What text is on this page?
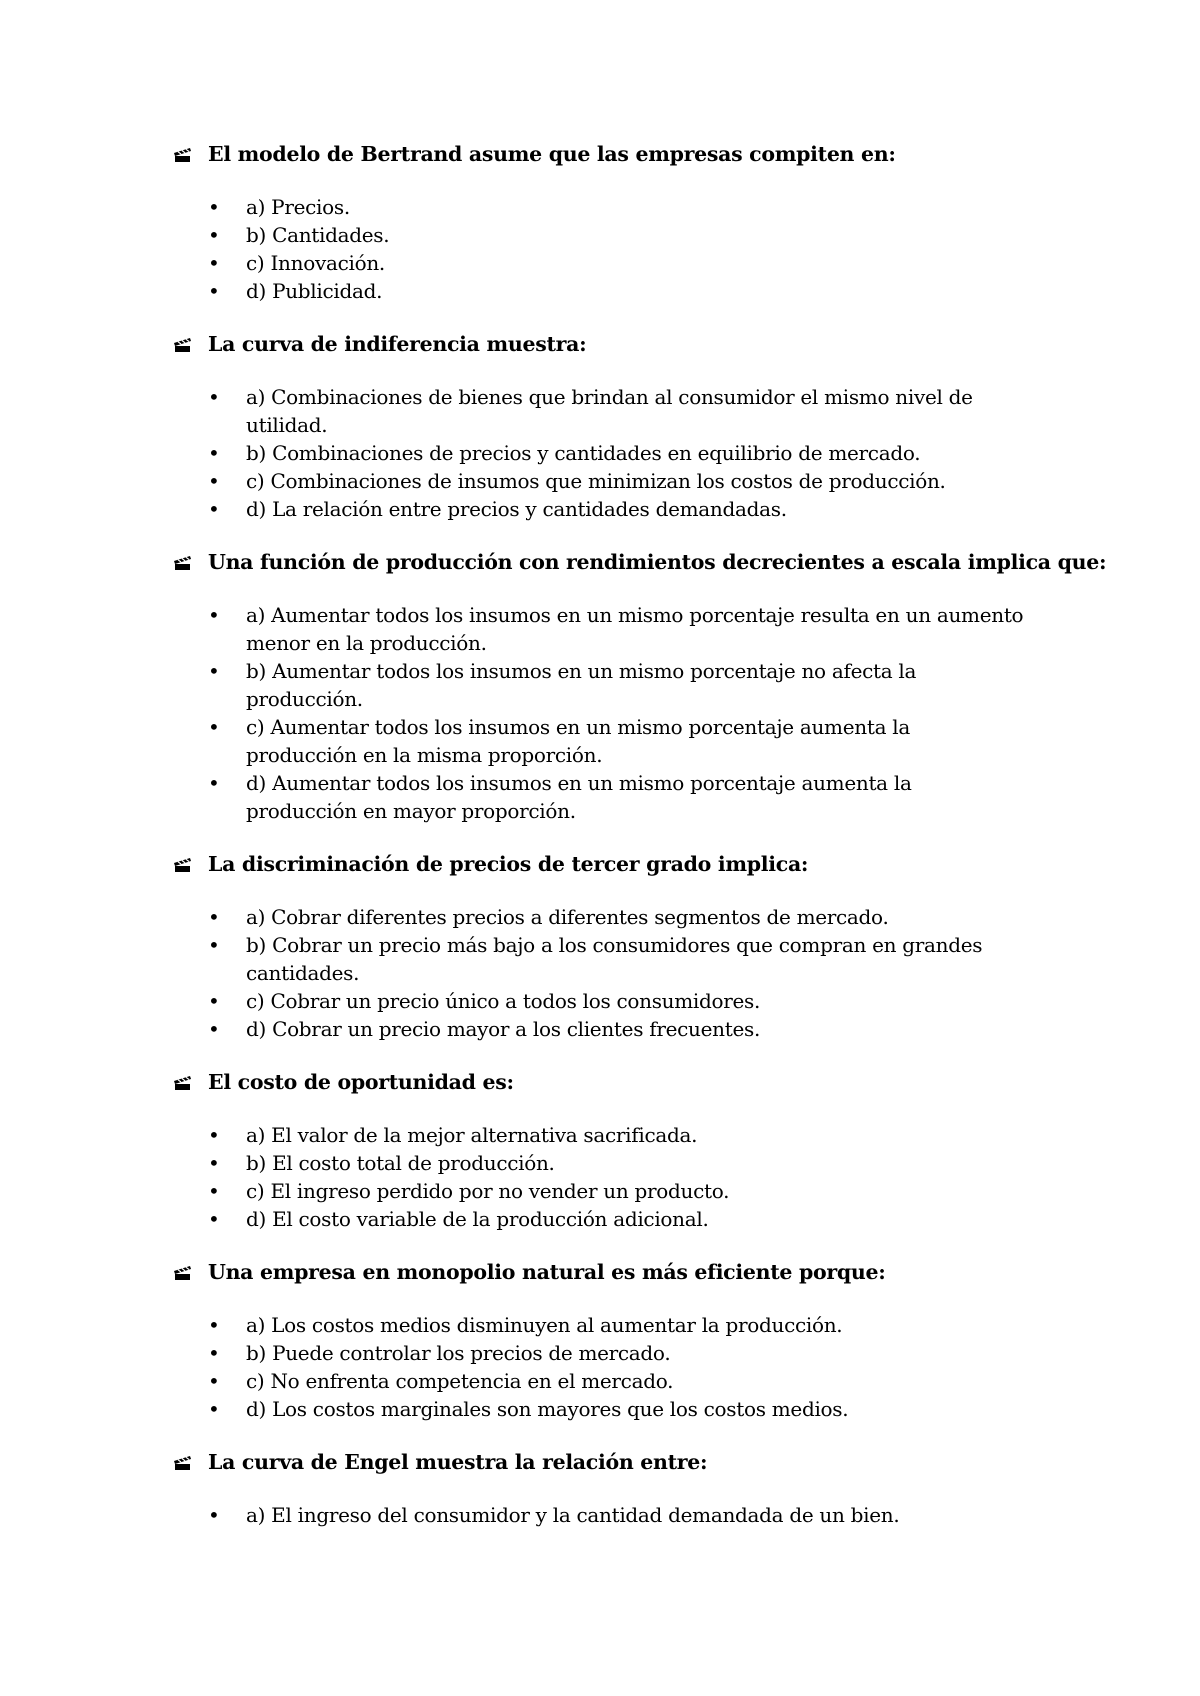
El modelo de Bertrand asume que las empresas compiten en:
•	a) Precios.
•	b) Cantidades.
•	c) Innovación.
•	d) Publicidad.
La curva de indiferencia muestra:
•	a) Combinaciones de bienes que brindan al consumidor el mismo nivel de utilidad.
•	b) Combinaciones de precios y cantidades en equilibrio de mercado.
•	c) Combinaciones de insumos que minimizan los costos de producción.
•	d) La relación entre precios y cantidades demandadas.
Una función de producción con rendimientos decrecientes a escala implica que:
•	a) Aumentar todos los insumos en un mismo porcentaje resulta en un aumento menor en la producción.
•	b) Aumentar todos los insumos en un mismo porcentaje no afecta la producción.
•	c) Aumentar todos los insumos en un mismo porcentaje aumenta la producción en la misma proporción.
•	d) Aumentar todos los insumos en un mismo porcentaje aumenta la producción en mayor proporción.
La discriminación de precios de tercer grado implica:
•	a) Cobrar diferentes precios a diferentes segmentos de mercado.
•	b) Cobrar un precio más bajo a los consumidores que compran en grandes cantidades.
•	c) Cobrar un precio único a todos los consumidores.
•	d) Cobrar un precio mayor a los clientes frecuentes.
El costo de oportunidad es:
•	a) El valor de la mejor alternativa sacrificada.
•	b) El costo total de producción.
•	c) El ingreso perdido por no vender un producto.
•	d) El costo variable de la producción adicional.
Una empresa en monopolio natural es más eficiente porque:
•	a) Los costos medios disminuyen al aumentar la producción.
•	b) Puede controlar los precios de mercado.
•	c) No enfrenta competencia en el mercado.
•	d) Los costos marginales son mayores que los costos medios.
La curva de Engel muestra la relación entre:
•	a) El ingreso del consumidor y la cantidad demandada de un bien.
